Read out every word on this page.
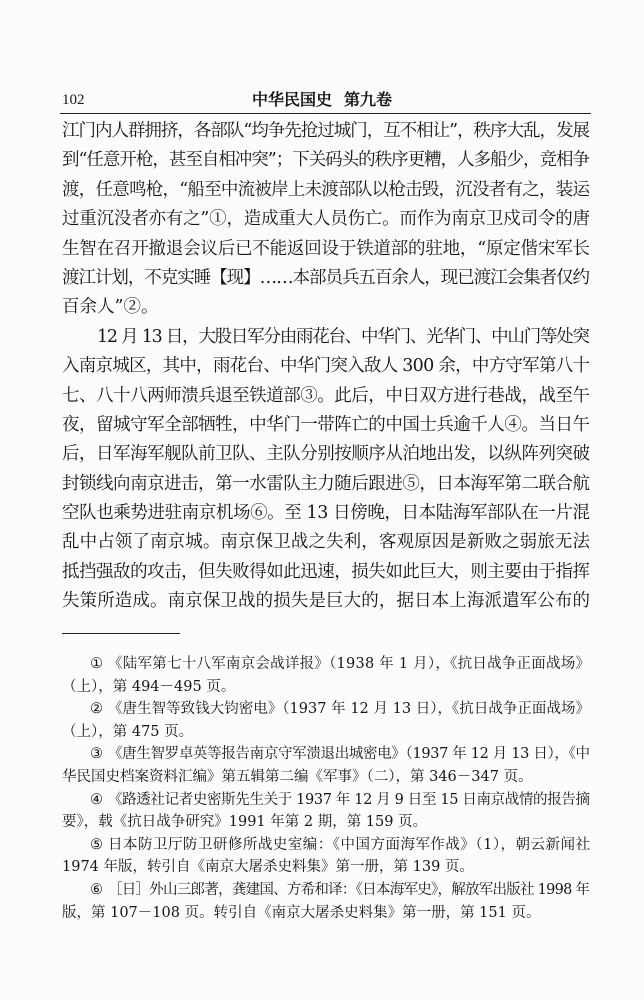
102	中华民国史 第九卷
江门内人群拥挤，各部队“均争先抢过城门，互不相让”，秩序大乱，发展
到“任意开枪，甚至自相冲突”；下关码头的秩序更糟，人多船少，竞相争
渡，任意鸣枪，“船至中流被岸上未渡部队以枪击毁，沉没者有之，装运
过重沉没者亦有之”①，造成重大人员伤亡。而作为南京卫戍司令的唐
生智在召开撤退会议后已不能返回设于铁道部的驻地，“原定偕宋军长
渡江计划，不克实睡【现】……本部员兵五百余人，现已渡江会集者仅约
百余人”②。
12 月 13 日，大股日军分由雨花台、中华门、光华门、中山门等处突
入南京城区，其中，雨花台、中华门突入敌人 300 余，中方守军第八十
七、八十八两师溃兵退至铁道部③。此后，中日双方进行巷战，战至午
夜，留城守军全部牺牲，中华门一带阵亡的中国士兵逾千人④。当日午
后，日军海军舰队前卫队、主队分别按顺序从泊地出发，以纵阵列突破
封锁线向南京进击，第一水雷队主力随后跟进⑤，日本海军第二联合航
空队也乘势进驻南京机场⑥。至 13 日傍晚，日本陆海军部队在一片混
乱中占领了南京城。南京保卫战之失利，客观原因是新败之弱旅无法
抵挡强敌的攻击，但失败得如此迅速，损失如此巨大，则主要由于指挥
失策所造成。南京保卫战的损失是巨大的，据日本上海派遣军公布的
① 《陆军第七十八军南京会战详报》（1938 年 1 月），《抗日战争正面战场》
（上），第 494－495 页。
② 《唐生智等致钱大钧密电》（1937 年 12 月 13 日），《抗日战争正面战场》
（上），第 475 页。
③ 《唐生智罗卓英等报告南京守军溃退出城密电》（1937 年 12 月 13 日），《中
华民国史档案资料汇编》第五辑第二编《军事》（二），第 346－347 页。
④ 《路透社记者史密斯先生关于 1937 年 12 月 9 日至 15 日南京战情的报告摘
要》，载《抗日战争研究》1991 年第 2 期，第 159 页。
⑤ 日本防卫厅防卫研修所战史室编：《中国方面海军作战》（1），朝云新闻社
1974 年版，转引自《南京大屠杀史料集》第一册，第 139 页。
⑥ ［日］外山三郎著，龚建国、方希和译：《日本海军史》，解放军出版社 1998 年
版，第 107－108 页。转引自《南京大屠杀史料集》第一册，第 151 页。
